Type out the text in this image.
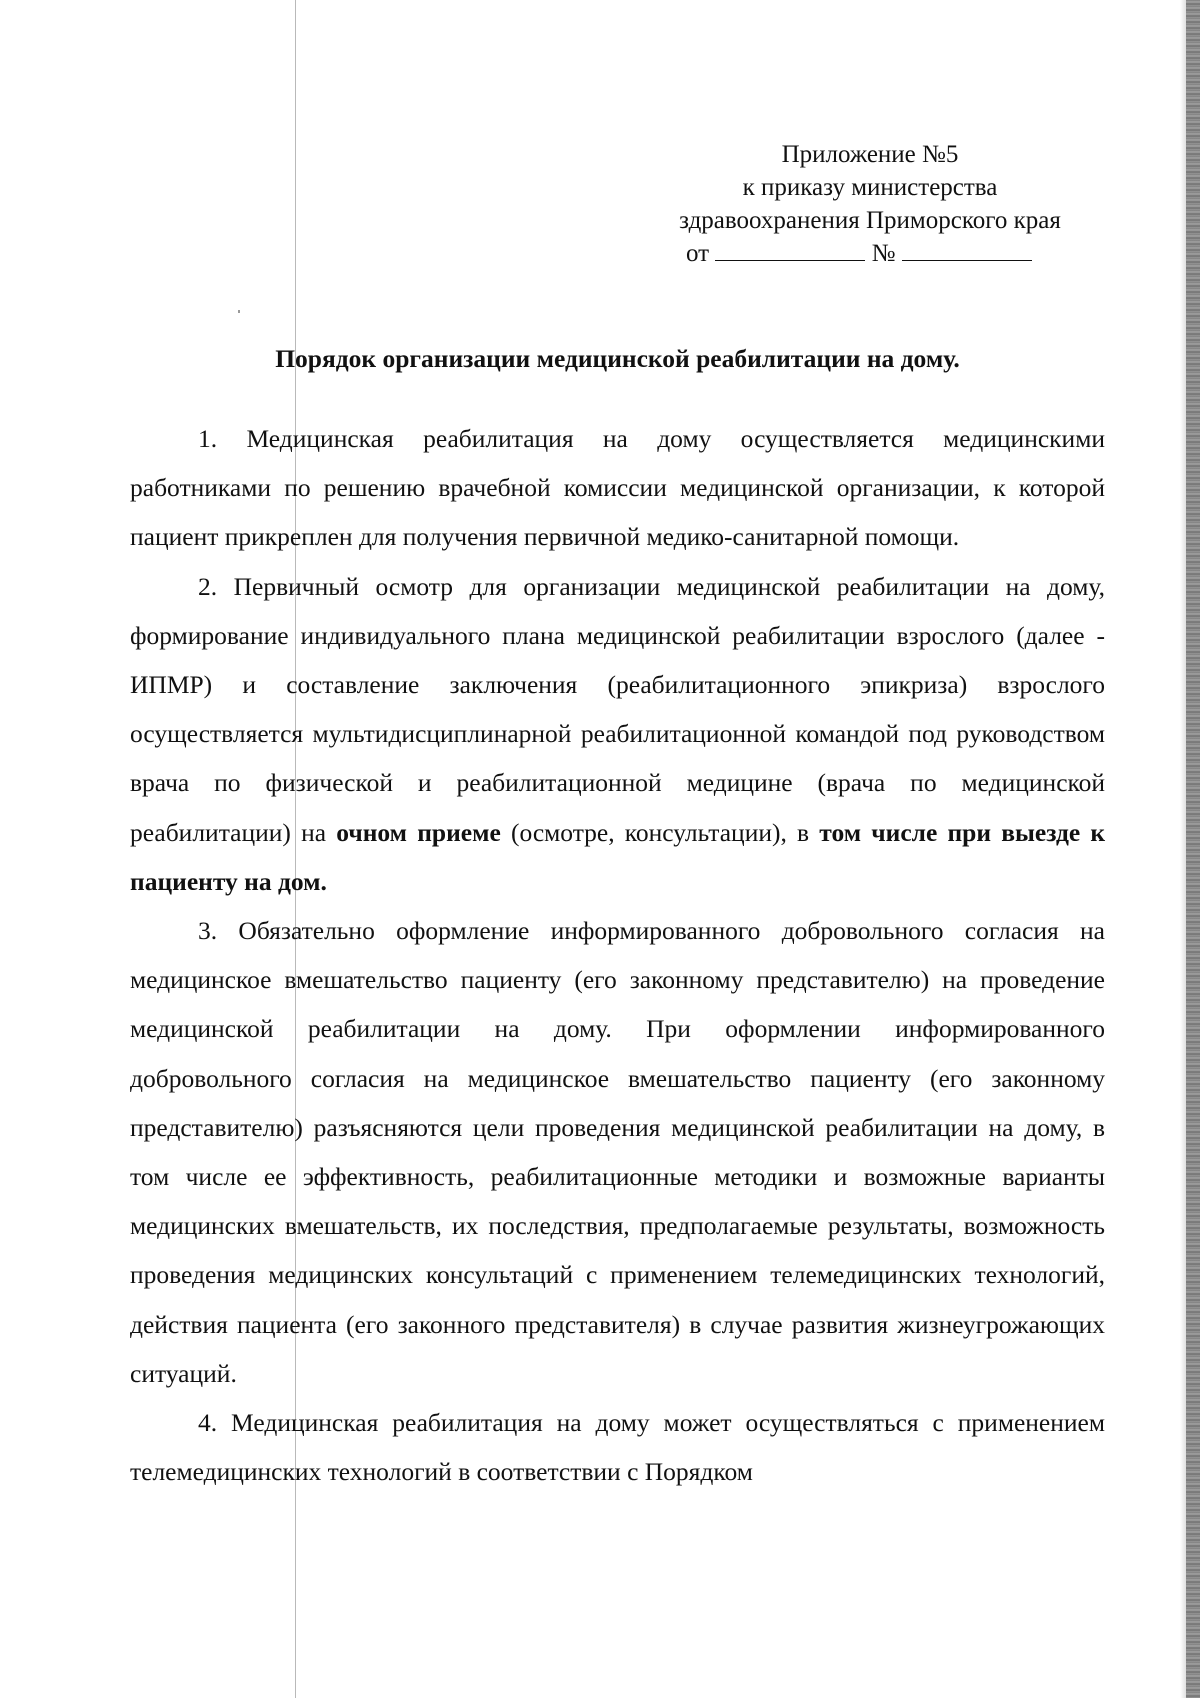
Приложение №5
к приказу министерства
здравоохранения Приморского края
от	№
Порядок организации медицинской реабилитации на дому.

1. Медицинская реабилитация на дому осуществляется медицинскими работниками по решению врачебной комиссии медицинской организации, к которой пациент прикреплен для получения первичной медико-санитарной помощи.

2. Первичный осмотр для организации медицинской реабилитации на дому, формирование индивидуального плана медицинской реабилитации взрослого (далее - ИПМР) и составление заключения (реабилитационного эпикриза) взрослого осуществляется мультидисциплинарной реабилитационной командой под руководством врача по физической и реабилитационной медицине (врача по медицинской реабилитации) на очном приеме (осмотре, консультации), в том числе при выезде к пациенту на дом.

3. Обязательно оформление информированного добровольного согласия на медицинское вмешательство пациенту (его законному представителю) на проведение медицинской реабилитации на дому. При оформлении информированного добровольного согласия на медицинское вмешательство пациенту (его законному представителю) разъясняются цели проведения медицинской реабилитации на дому, в том числе ее эффективность, реабилитационные методики и возможные варианты медицинских вмешательств, их последствия, предполагаемые результаты, возможность проведения медицинских консультаций с применением телемедицинских технологий, действия пациента (его законного представителя) в случае развития жизнеугрожающих ситуаций.

4. Медицинская реабилитация на дому может осуществляться с применением телемедицинских технологий в соответствии с Порядком
